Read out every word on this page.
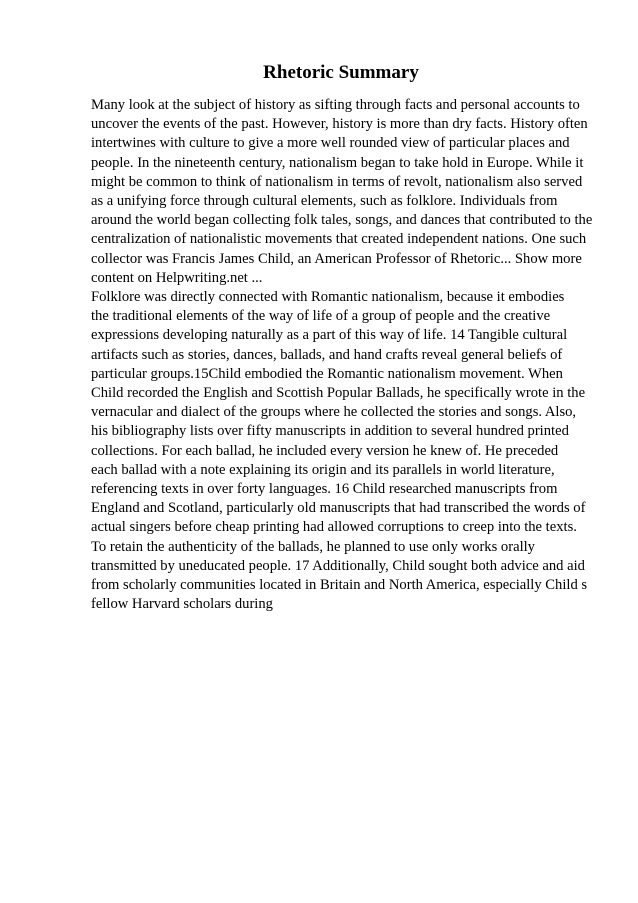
Rhetoric Summary
Many look at the subject of history as sifting through facts and personal accounts to
uncover the events of the past. However, history is more than dry facts. History often
intertwines with culture to give a more well rounded view of particular places and
people. In the nineteenth century, nationalism began to take hold in Europe. While it
might be common to think of nationalism in terms of revolt, nationalism also served
as a unifying force through cultural elements, such as folklore. Individuals from
around the world began collecting folk tales, songs, and dances that contributed to the
centralization of nationalistic movements that created independent nations. One such
collector was Francis James Child, an American Professor of Rhetoric... Show more
content on Helpwriting.net ...
Folklore was directly connected with Romantic nationalism, because it embodies
the traditional elements of the way of life of a group of people and the creative
expressions developing naturally as a part of this way of life. 14 Tangible cultural
artifacts such as stories, dances, ballads, and hand crafts reveal general beliefs of
particular groups.15Child embodied the Romantic nationalism movement. When
Child recorded the English and Scottish Popular Ballads, he specifically wrote in the
vernacular and dialect of the groups where he collected the stories and songs. Also,
his bibliography lists over fifty manuscripts in addition to several hundred printed
collections. For each ballad, he included every version he knew of. He preceded
each ballad with a note explaining its origin and its parallels in world literature,
referencing texts in over forty languages. 16 Child researched manuscripts from
England and Scotland, particularly old manuscripts that had transcribed the words of
actual singers before cheap printing had allowed corruptions to creep into the texts.
To retain the authenticity of the ballads, he planned to use only works orally
transmitted by uneducated people. 17 Additionally, Child sought both advice and aid
from scholarly communities located in Britain and North America, especially Child s
fellow Harvard scholars during
